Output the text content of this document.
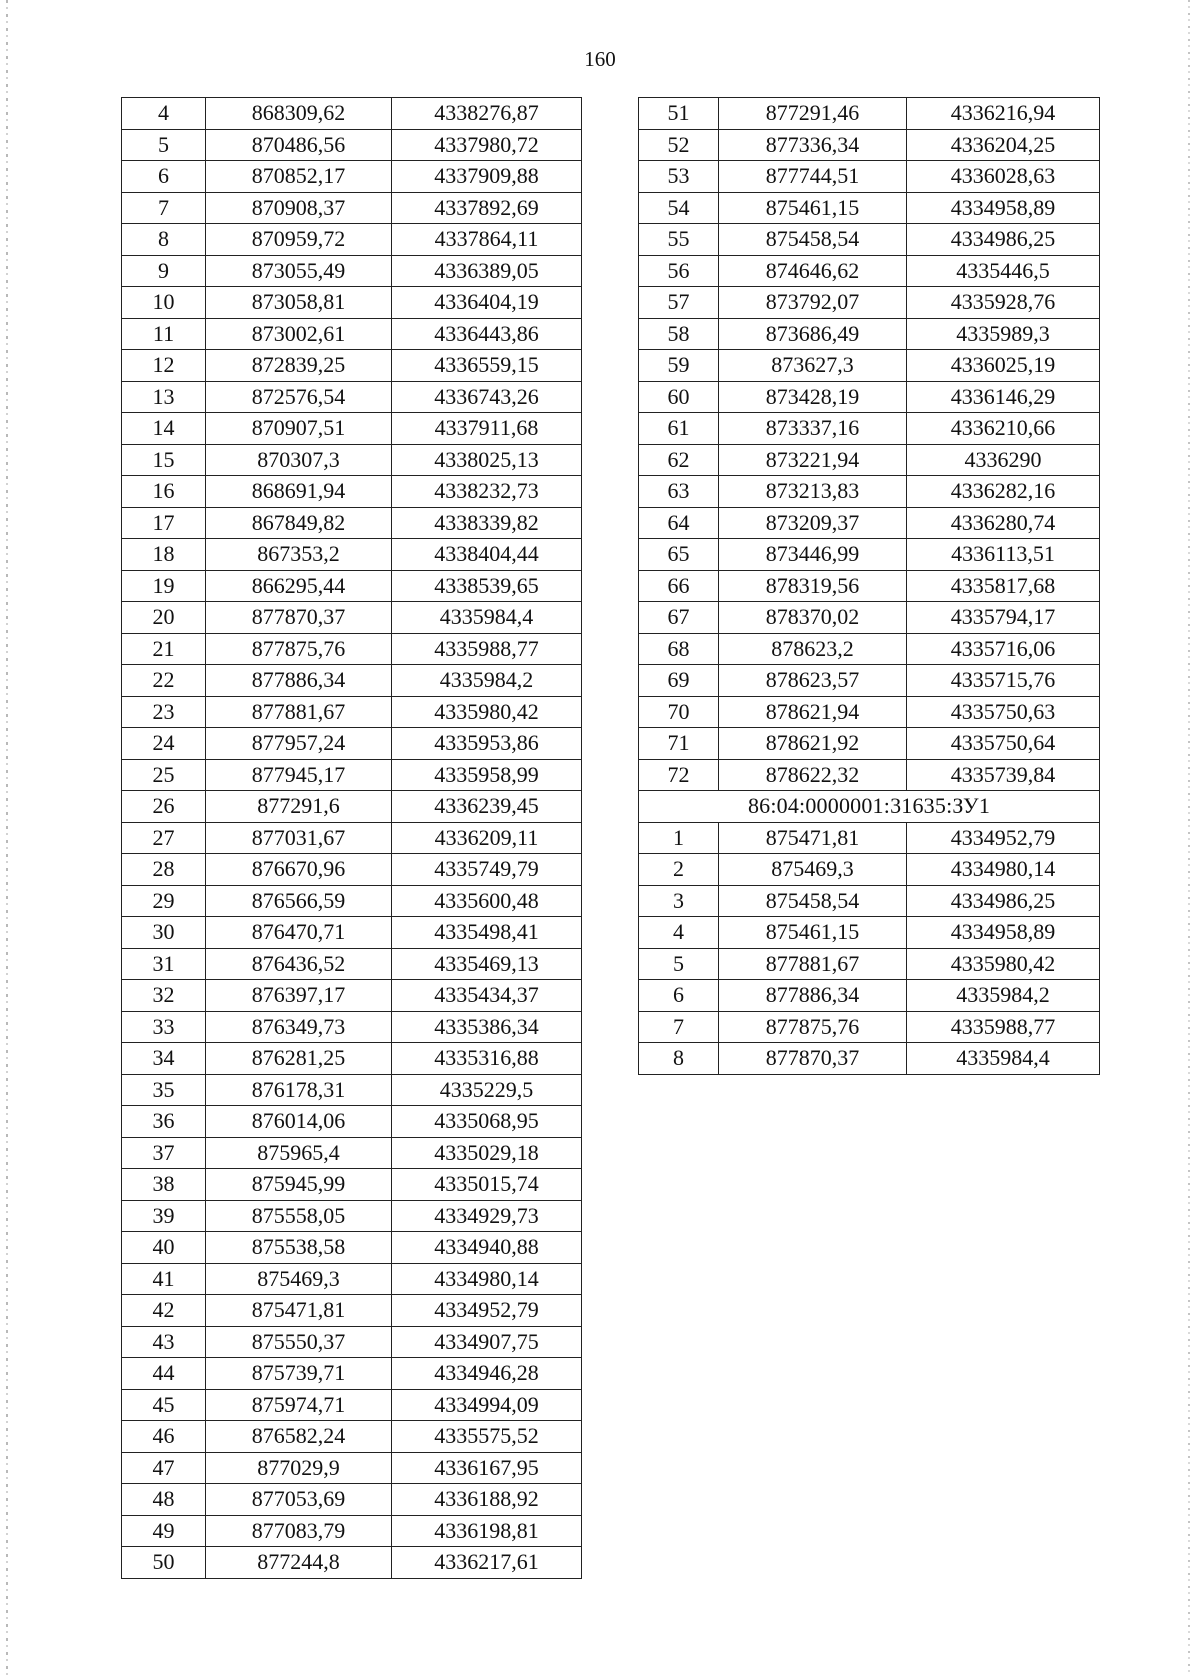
160
4	868309,62	4338276,87
5	870486,56	4337980,72
6	870852,17	4337909,88
7	870908,37	4337892,69
8	870959,72	4337864,11
9	873055,49	4336389,05
10	873058,81	4336404,19
11	873002,61	4336443,86
12	872839,25	4336559,15
13	872576,54	4336743,26
14	870907,51	4337911,68
15	870307,3	4338025,13
16	868691,94	4338232,73
17	867849,82	4338339,82
18	867353,2	4338404,44
19	866295,44	4338539,65
20	877870,37	4335984,4
21	877875,76	4335988,77
22	877886,34	4335984,2
23	877881,67	4335980,42
24	877957,24	4335953,86
25	877945,17	4335958,99
26	877291,6	4336239,45
27	877031,67	4336209,11
28	876670,96	4335749,79
29	876566,59	4335600,48
30	876470,71	4335498,41
31	876436,52	4335469,13
32	876397,17	4335434,37
33	876349,73	4335386,34
34	876281,25	4335316,88
35	876178,31	4335229,5
36	876014,06	4335068,95
37	875965,4	4335029,18
38	875945,99	4335015,74
39	875558,05	4334929,73
40	875538,58	4334940,88
41	875469,3	4334980,14
42	875471,81	4334952,79
43	875550,37	4334907,75
44	875739,71	4334946,28
45	875974,71	4334994,09
46	876582,24	4335575,52
47	877029,9	4336167,95
48	877053,69	4336188,92
49	877083,79	4336198,81
50	877244,8	4336217,61
51	877291,46	4336216,94
52	877336,34	4336204,25
53	877744,51	4336028,63
54	875461,15	4334958,89
55	875458,54	4334986,25
56	874646,62	4335446,5
57	873792,07	4335928,76
58	873686,49	4335989,3
59	873627,3	4336025,19
60	873428,19	4336146,29
61	873337,16	4336210,66
62	873221,94	4336290
63	873213,83	4336282,16
64	873209,37	4336280,74
65	873446,99	4336113,51
66	878319,56	4335817,68
67	878370,02	4335794,17
68	878623,2	4335716,06
69	878623,57	4335715,76
70	878621,94	4335750,63
71	878621,92	4335750,64
72	878622,32	4335739,84
86:04:0000001:31635:ЗУ1		
1	875471,81	4334952,79
2	875469,3	4334980,14
3	875458,54	4334986,25
4	875461,15	4334958,89
5	877881,67	4335980,42
6	877886,34	4335984,2
7	877875,76	4335988,77
8	877870,37	4335984,4
